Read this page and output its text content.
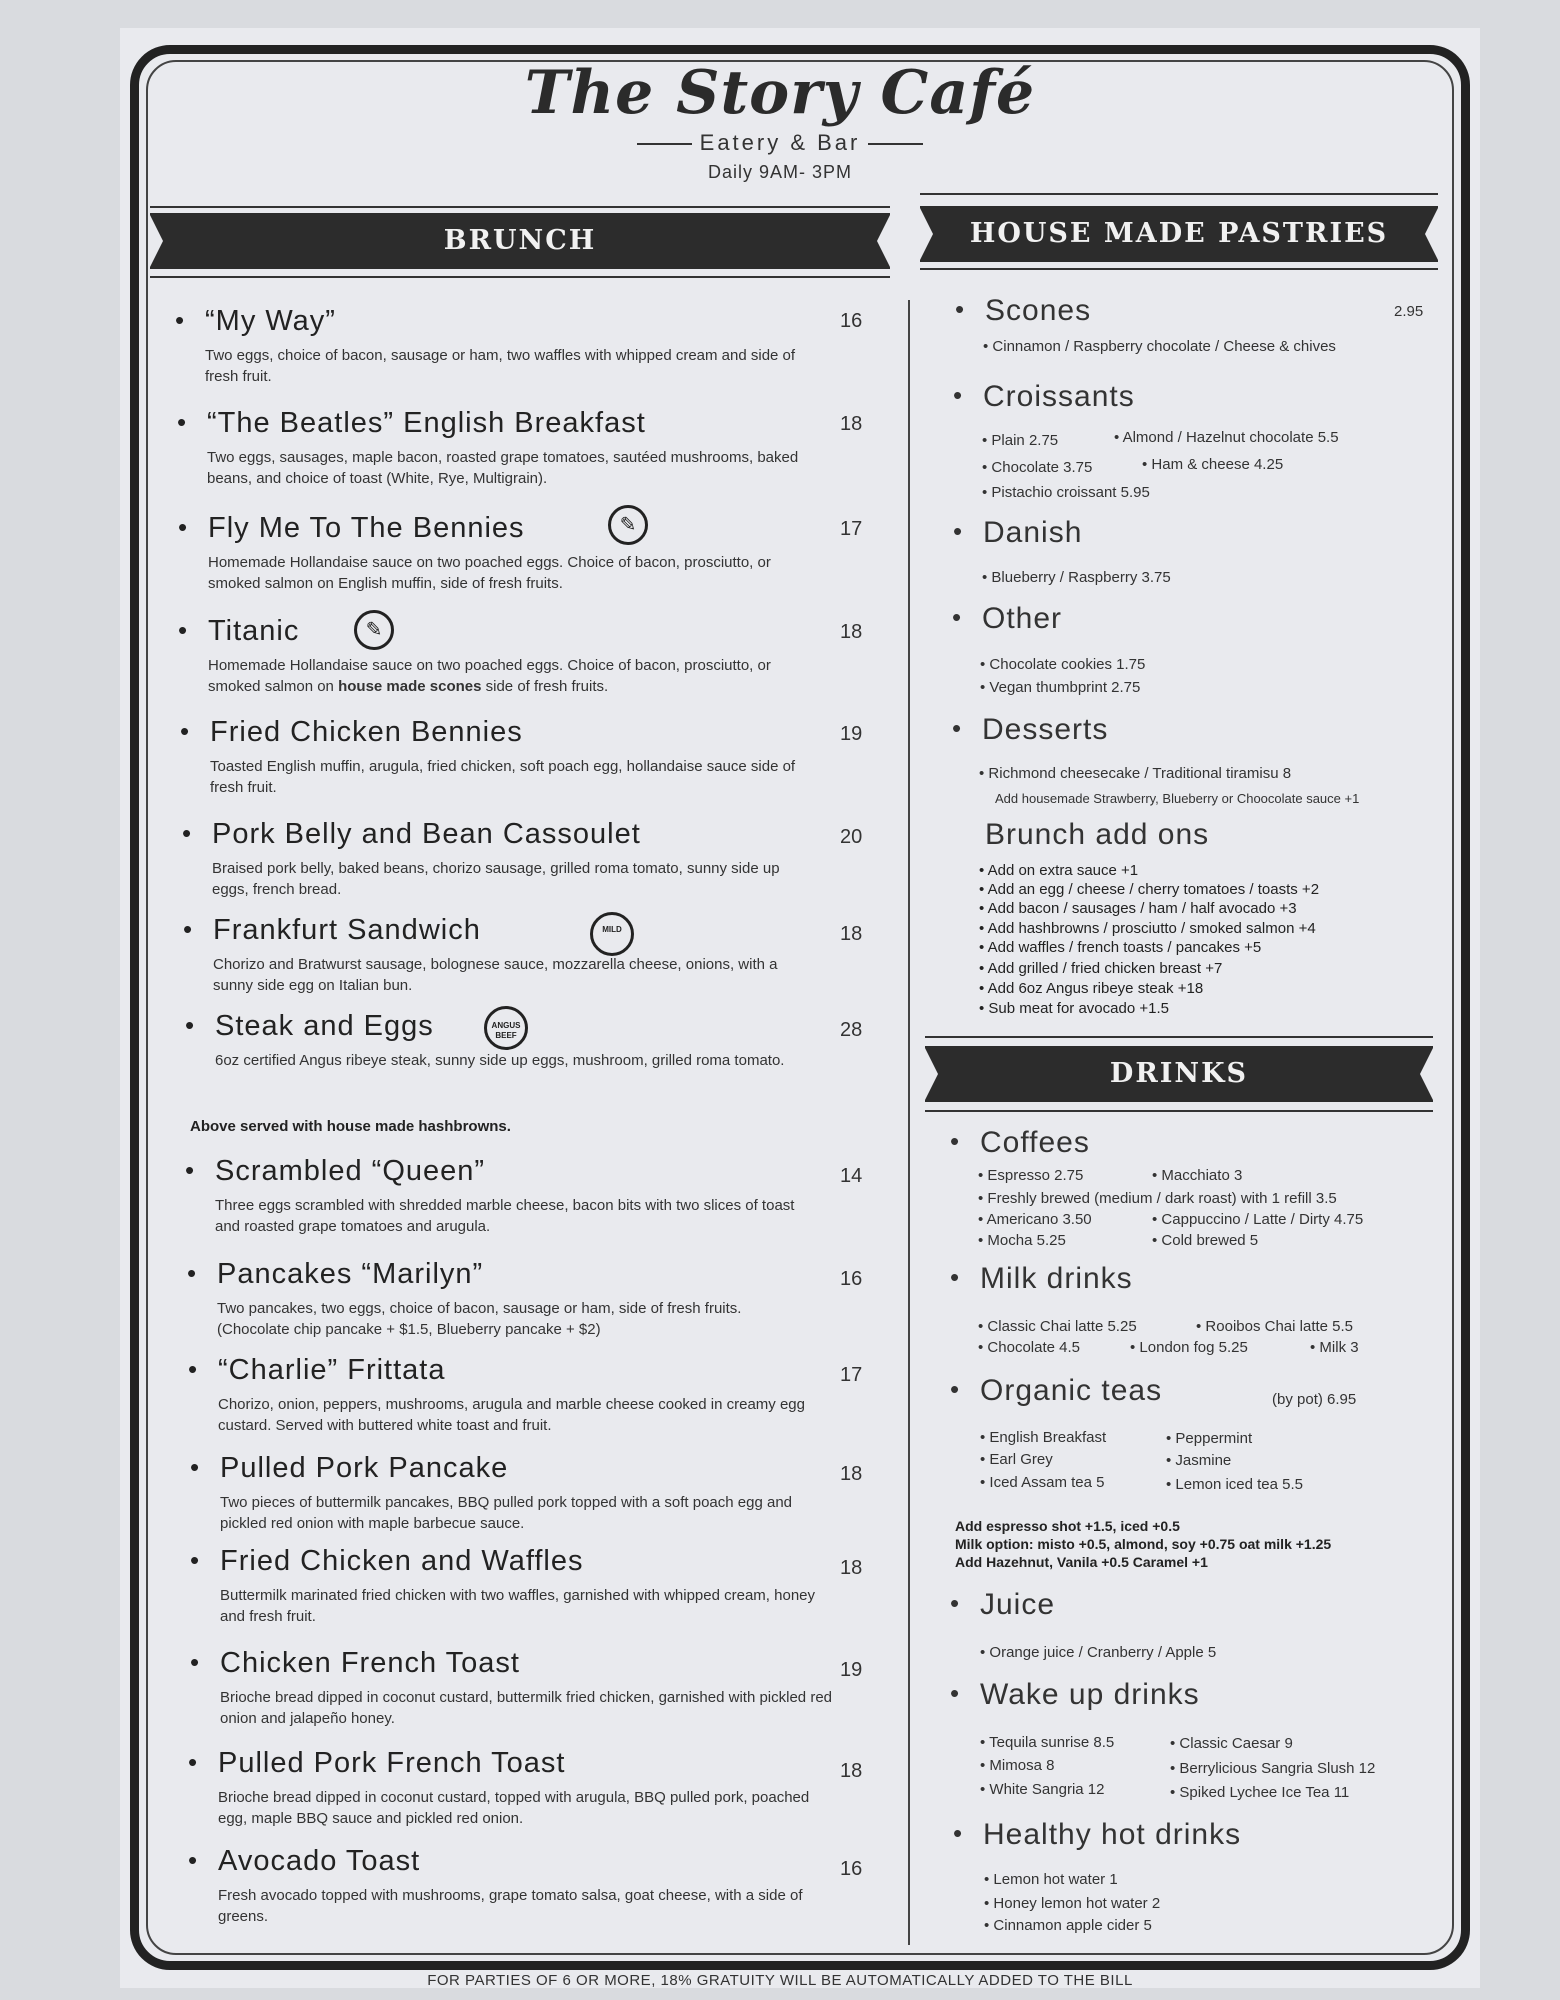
The Story Café
Eatery & Bar
Daily 9AM- 3PM
BRUNCH	HOUSE MADE PASTRIES
• “My Way”
Two eggs, choice of bacon, sausage or ham, two waffles with whipped cream and side of fresh fruit.
16
• “The Beatles” English Breakfast
Two eggs, sausages, maple bacon, roasted grape tomatoes, sautéed mushrooms, baked beans, and choice of toast (White, Rye, Multigrain).
18
• Fly Me To The Bennies
Homemade Hollandaise sauce on two poached eggs. Choice of bacon, prosciutto, or smoked salmon on English muffin, side of fresh fruits.
✎	17
• Titanic
Homemade Hollandaise sauce on two poached eggs. Choice of bacon, prosciutto, or smoked salmon on house made scones side of fresh fruits.
✎	18
• Fried Chicken Bennies
Toasted English muffin, arugula, fried chicken, soft poach egg, hollandaise sauce side of fresh fruit.
19
• Pork Belly and Bean Cassoulet
Braised pork belly, baked beans, chorizo sausage, grilled roma tomato, sunny side up eggs, french bread.
20
• Frankfurt Sandwich
Chorizo and Bratwurst sausage, bolognese sauce, mozzarella cheese, onions, with a sunny side egg on Italian bun.
MILD	18
• Steak and Eggs
6oz certified Angus ribeye steak, sunny side up eggs, mushroom, grilled roma tomato.
ANGUS BEEF	28
Above served with house made hashbrowns.
• Scrambled “Queen”
Three eggs scrambled with shredded marble cheese, bacon bits with two slices of toast and roasted grape tomatoes and arugula.
14
• Pancakes “Marilyn”
Two pancakes, two eggs, choice of bacon, sausage or ham, side of fresh fruits. (Chocolate chip pancake + $1.5, Blueberry pancake + $2)
16
• “Charlie” Frittata
Chorizo, onion, peppers, mushrooms, arugula and marble cheese cooked in creamy egg custard. Served with buttered white toast and fruit.
17
• Pulled Pork Pancake
Two pieces of buttermilk pancakes, BBQ pulled pork topped with a soft poach egg and pickled red onion with maple barbecue sauce.
18
• Fried Chicken and Waffles
Buttermilk marinated fried chicken with two waffles, garnished with whipped cream, honey and fresh fruit.
18
• Chicken French Toast
Brioche bread dipped in coconut custard, buttermilk fried chicken, garnished with pickled red onion and jalapeño honey.
19
• Pulled Pork French Toast
Brioche bread dipped in coconut custard, topped with arugula, BBQ pulled pork, poached egg, maple BBQ sauce and pickled red onion.
18
• Avocado Toast
Fresh avocado topped with mushrooms, grape tomato salsa, goat cheese, with a side of greens.
16
• Scones	2.95
• Cinnamon / Raspberry chocolate / Cheese & chives
• Croissants
• Plain 2.75	• Almond / Hazelnut chocolate 5.5
• Chocolate 3.75	• Ham & cheese 4.25
• Pistachio croissant 5.95
• Danish
• Blueberry / Raspberry 3.75
• Other
• Chocolate cookies 1.75
• Vegan thumbprint 2.75
• Desserts
• Richmond cheesecake / Traditional tiramisu 8
Add housemade Strawberry, Blueberry or Choocolate sauce +1
Brunch add ons
• Add on extra sauce +1
• Add an egg / cheese / cherry tomatoes / toasts +2
• Add bacon / sausages / ham / half avocado +3
• Add hashbrowns / prosciutto / smoked salmon +4
• Add waffles / french toasts / pancakes +5
• Add grilled / fried chicken breast +7
• Add 6oz Angus ribeye steak +18
• Sub meat for avocado +1.5
DRINKS
• Coffees
• Espresso 2.75	• Macchiato 3
• Freshly brewed (medium / dark roast) with 1 refill 3.5
• Americano 3.50	• Cappuccino / Latte / Dirty 4.75
• Mocha 5.25	• Cold brewed 5
• Milk drinks
• Classic Chai latte 5.25	• Rooibos Chai latte 5.5
• Chocolate 4.5	• London fog 5.25	• Milk 3
• Organic teas	(by pot) 6.95
• English Breakfast	• Peppermint
• Earl Grey	• Jasmine
• Iced Assam tea 5	• Lemon iced tea 5.5
Add espresso shot +1.5, iced +0.5
Milk option: misto +0.5, almond, soy +0.75 oat milk +1.25
Add Hazehnut, Vanila +0.5 Caramel +1
• Juice
• Orange juice / Cranberry / Apple 5
• Wake up drinks
• Tequila sunrise 8.5	• Classic Caesar 9
• Mimosa 8	• Berrylicious Sangria Slush 12
• White Sangria 12	• Spiked Lychee Ice Tea 11
• Healthy hot drinks
• Lemon hot water 1
• Honey lemon hot water 2
• Cinnamon apple cider 5
FOR PARTIES OF 6 OR MORE, 18% GRATUITY WILL BE AUTOMATICALLY ADDED TO THE BILL
